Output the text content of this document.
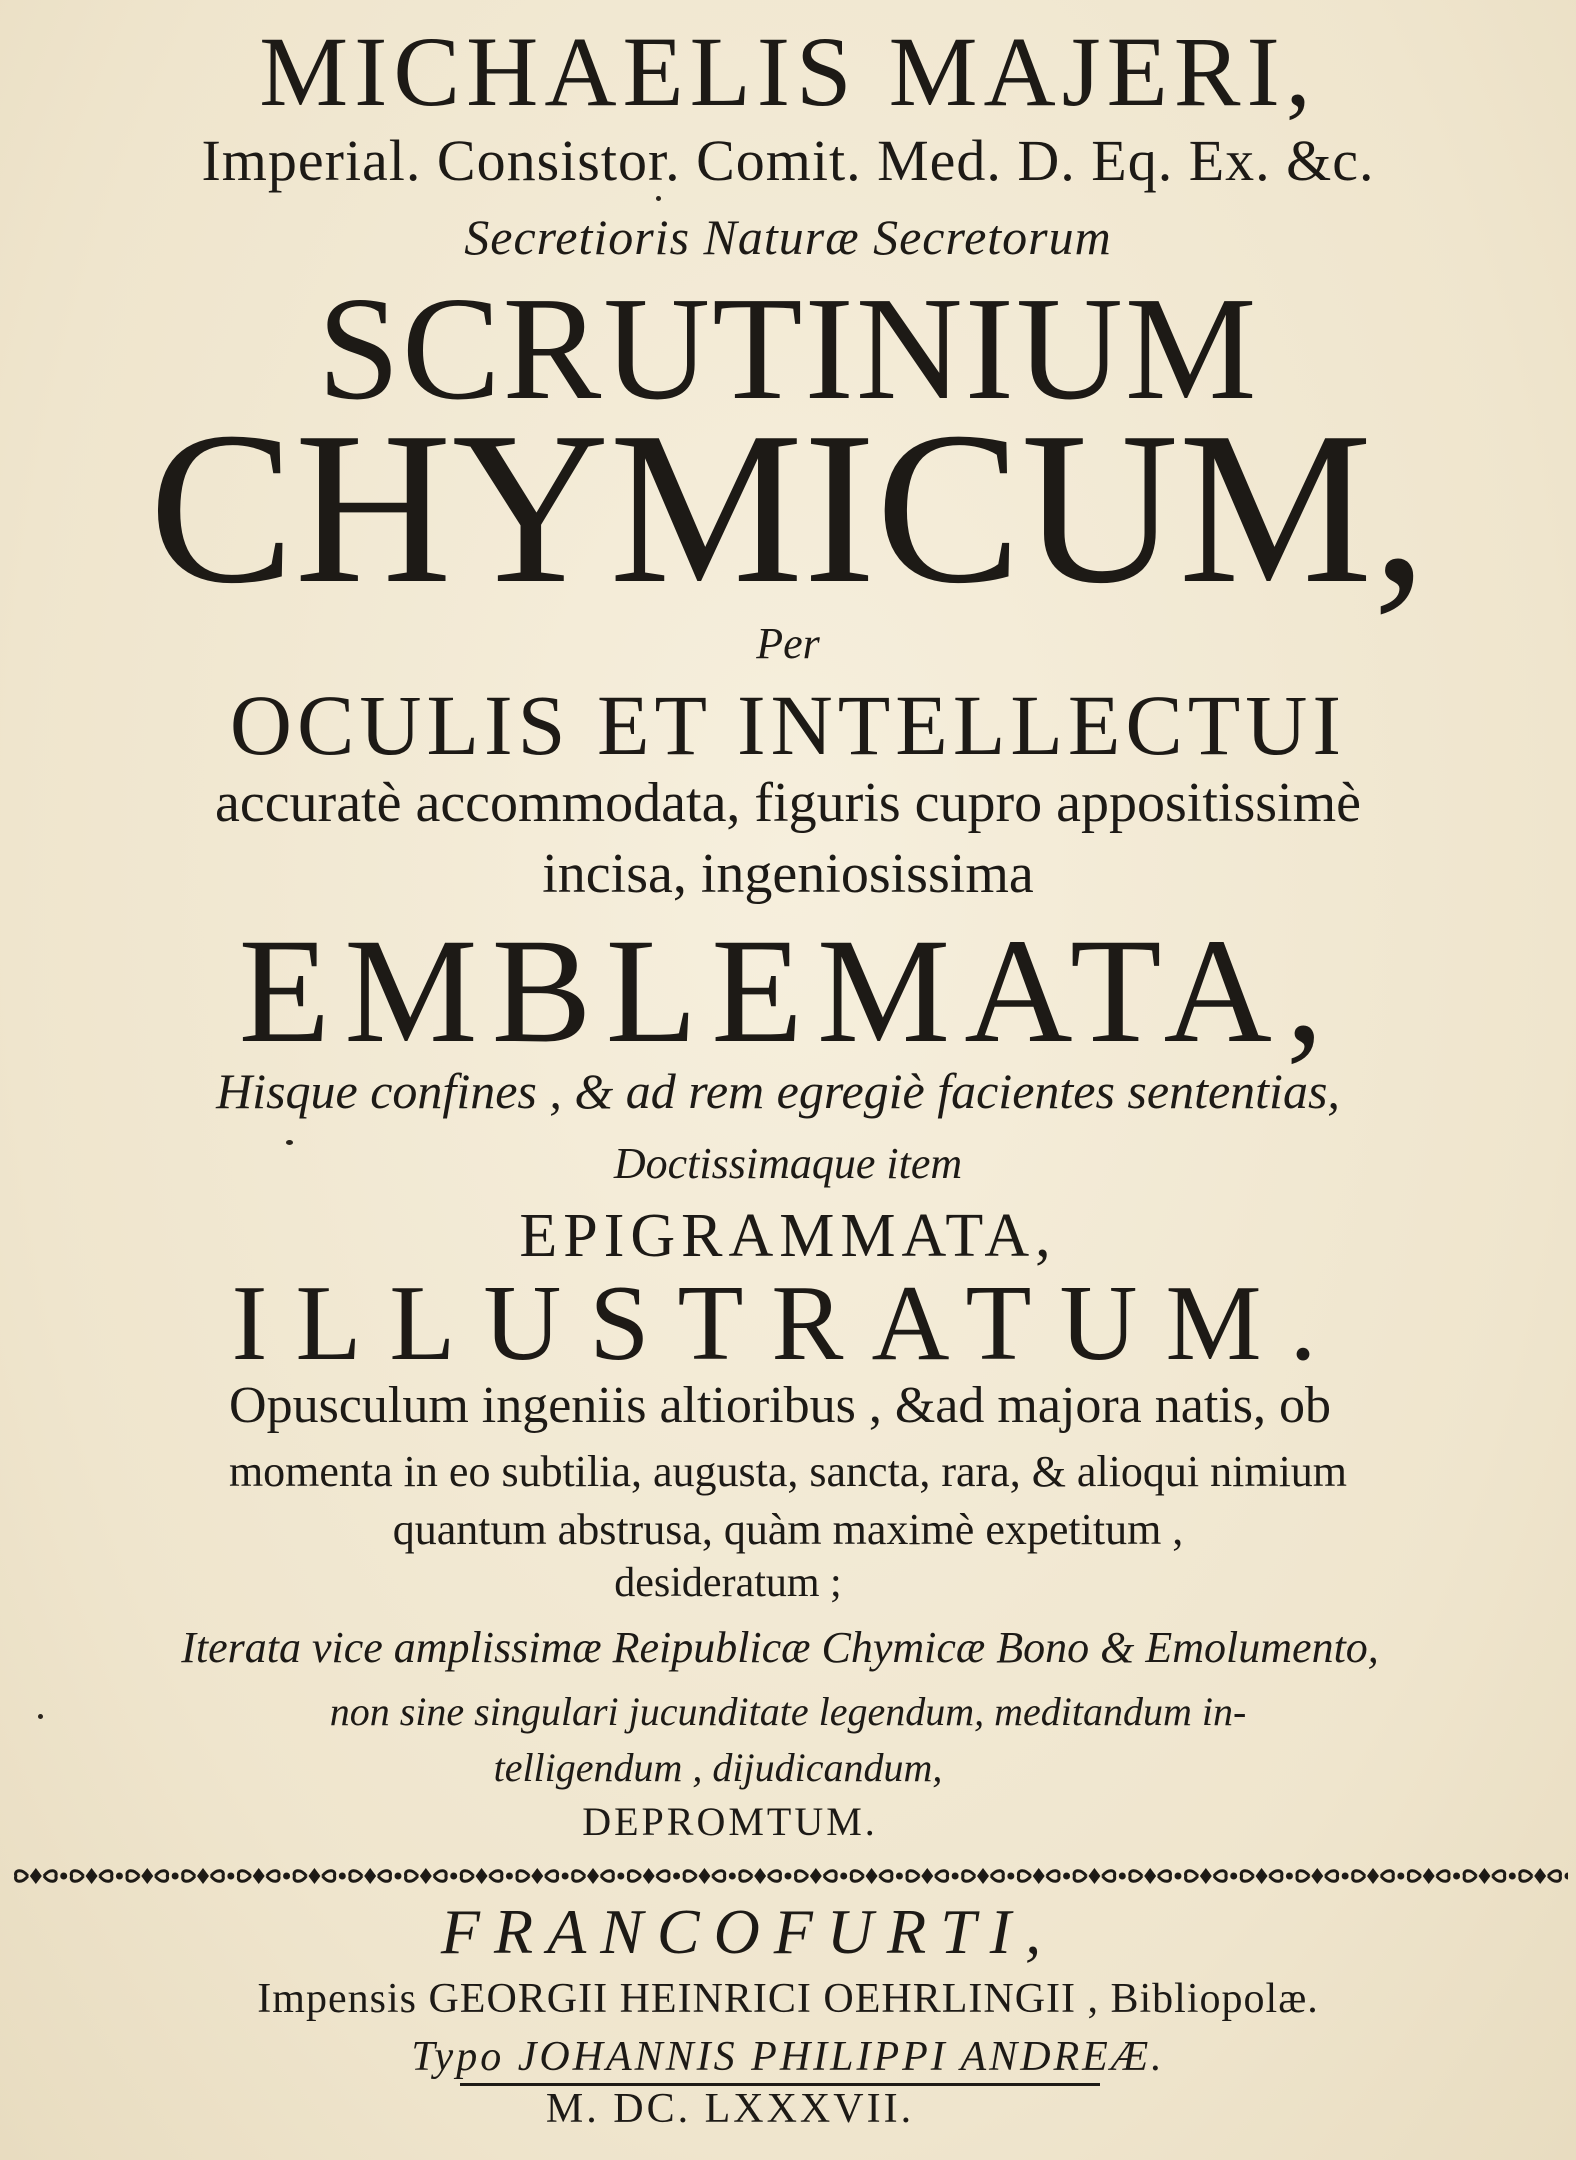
MICHAELIS MAJERI,
Imperial. Consistor. Comit. Med. D. Eq. Ex. &c.
Secretioris Naturæ Secretorum
SCRUTINIUM
CHYMICUM,
Per
OCULIS ET INTELLECTUI
accuratè accommodata, figuris cupro appositissimè
incisa, ingeniosissima
EMBLEMATA,
Hisque confines , & ad rem egregiè facientes sententias,
Doctissimaque item
EPIGRAMMATA,
ILLUSTRATUM.
Opusculum ingeniis altioribus , &ad majora natis, ob
momenta in eo subtilia, augusta, sancta, rara, & alioqui nimium
quantum abstrusa, quàm maximè expetitum ,
desideratum ;
Iterata vice amplissimæ Reipublicæ Chymicæ Bono & Emolumento,
non sine singulari jucunditate legendum, meditandum in-
telligendum , dijudicandum,
DEPROMTUM.
FRANCOFURTI,
Impensis GEORGII HEINRICI OEHRLINGII , Bibliopolæ.
Typo JOHANNIS PHILIPPI ANDREÆ.
M. DC. LXXXVII.
